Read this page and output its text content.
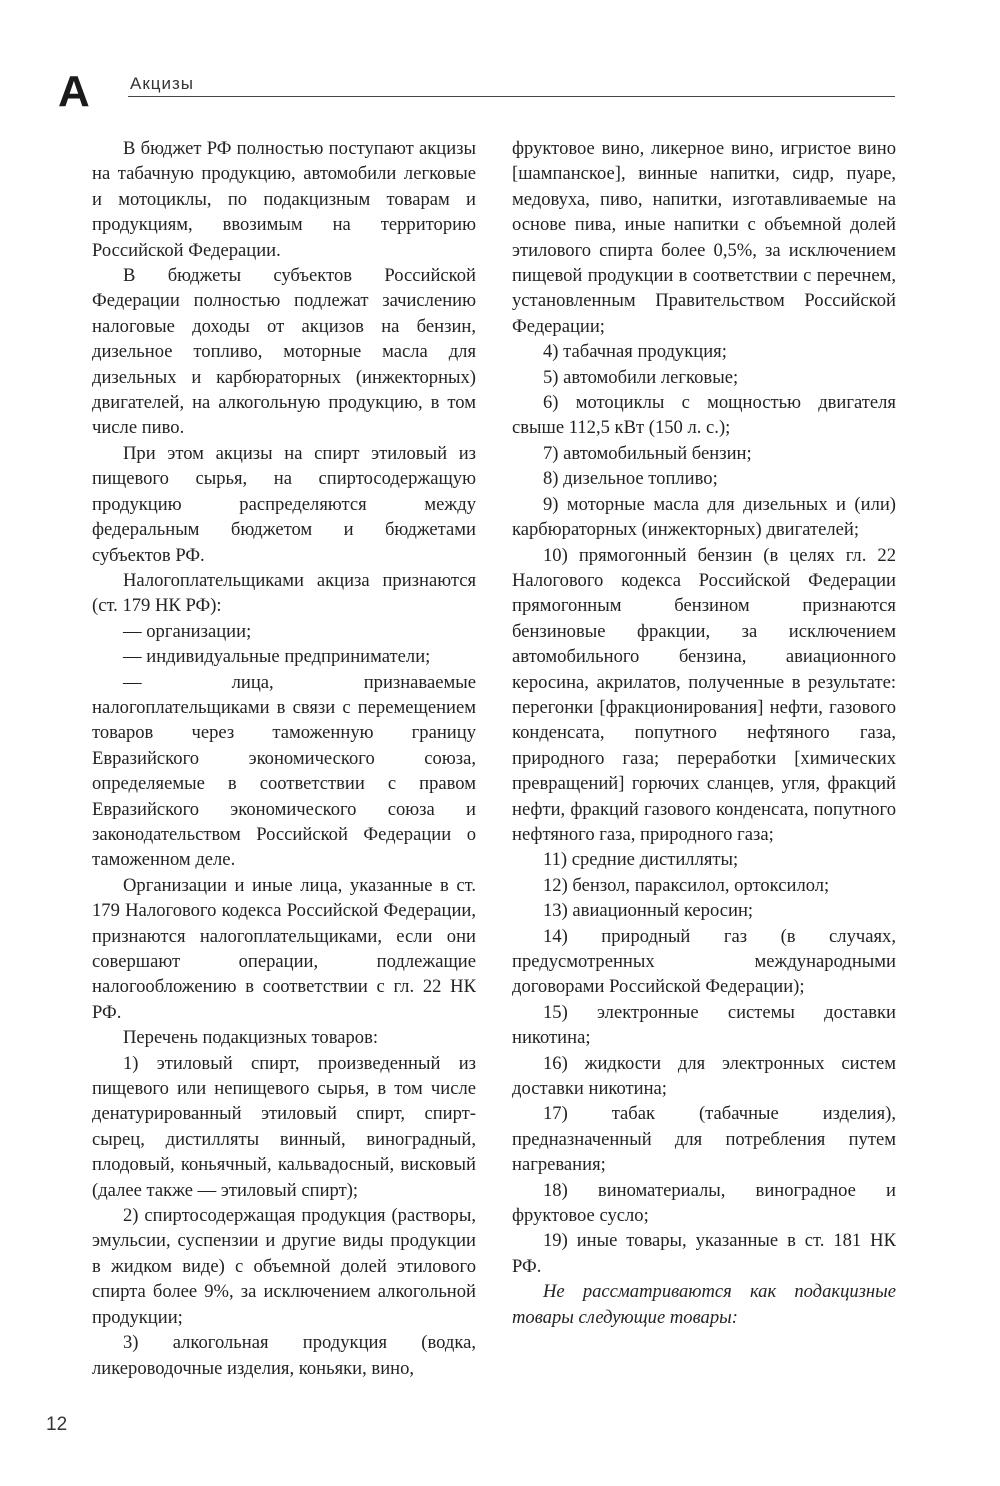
А Акцизы

В бюджет РФ полностью поступают акцизы на табачную продукцию, автомобили легковые и мотоциклы, по подакцизным товарам и продукциям, ввозимым на территорию Российской Федерации.

В бюджеты субъектов Российской Федерации полностью подлежат зачислению налоговые доходы от акцизов на бензин, дизельное топливо, моторные масла для дизельных и карбюраторных (инжекторных) двигателей, на алкогольную продукцию, в том числе пиво.

При этом акцизы на спирт этиловый из пищевого сырья, на спиртосодержащую продукцию распределяются между федеральным бюджетом и бюджетами субъектов РФ.

Налогоплательщиками акциза признаются (ст. 179 НК РФ):

— организации;

— индивидуальные предприниматели;

— лица, признаваемые налогоплательщиками в связи с перемещением товаров через таможенную границу Евразийского экономического союза, определяемые в соответствии с правом Евразийского экономического союза и законодательством Российской Федерации о таможенном деле.

Организации и иные лица, указанные в ст. 179 Налогового кодекса Российской Федерации, признаются налогоплательщиками, если они совершают операции, подлежащие налогообложению в соответствии с гл. 22 НК РФ.

Перечень подакцизных товаров:

1) этиловый спирт, произведенный из пищевого или непищевого сырья, в том числе денатурированный этиловый спирт, спирт-сырец, дистилляты винный, виноградный, плодовый, коньячный, кальвадосный, висковый (далее также — этиловый спирт);

2) спиртосодержащая продукция (растворы, эмульсии, суспензии и другие виды продукции в жидком виде) с объемной долей этилового спирта более 9%, за исключением алкогольной продукции;

3) алкогольная продукция (водка, ликероводочные изделия, коньяки, вино,

фруктовое вино, ликерное вино, игристое вино [шампанское], винные напитки, сидр, пуаре, медовуха, пиво, напитки, изготавливаемые на основе пива, иные напитки с объемной долей этилового спирта более 0,5%, за исключением пищевой продукции в соответствии с перечнем, установленным Правительством Российской Федерации;

4) табачная продукция;

5) автомобили легковые;

6) мотоциклы с мощностью двигателя свыше 112,5 кВт (150 л. с.);

7) автомобильный бензин;

8) дизельное топливо;

9) моторные масла для дизельных и (или) карбюраторных (инжекторных) двигателей;

10) прямогонный бензин (в целях гл. 22 Налогового кодекса Российской Федерации прямогонным бензином признаются бензиновые фракции, за исключением автомобильного бензина, авиационного керосина, акрилатов, полученные в результате: перегонки [фракционирования] нефти, газового конденсата, попутного нефтяного газа, природного газа; переработки [химических превращений] горючих сланцев, угля, фракций нефти, фракций газового конденсата, попутного нефтяного газа, природного газа;

11) средние дистилляты;

12) бензол, параксилол, ортоксилол;

13) авиационный керосин;

14) природный газ (в случаях, предусмотренных международными договорами Российской Федерации);

15) электронные системы доставки никотина;

16) жидкости для электронных систем доставки никотина;

17) табак (табачные изделия), предназначенный для потребления путем нагревания;

18) виноматериалы, виноградное и фруктовое сусло;

19) иные товары, указанные в ст. 181 НК РФ.

Не рассматриваются как подакцизные товары следующие товары:

12
